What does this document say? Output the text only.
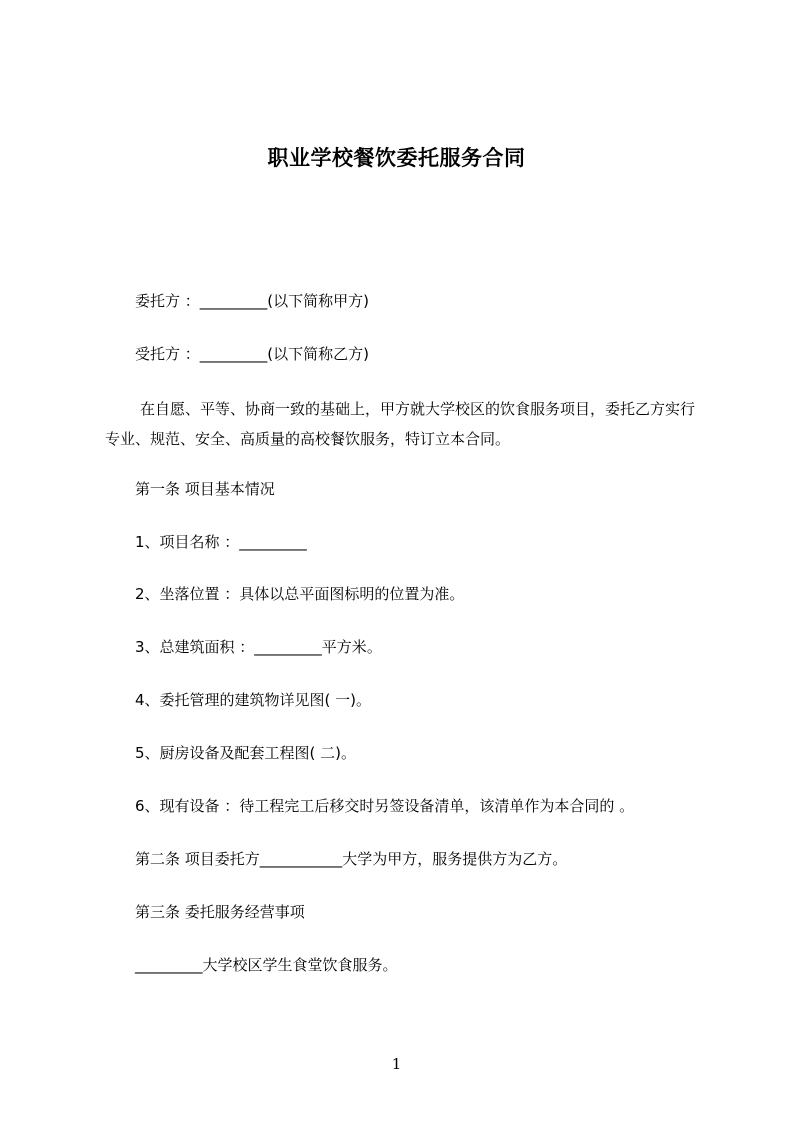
职业学校餐饮委托服务合同

委托方 ：_________(以下简称甲方)

受托方 ：_________(以下简称乙方)

在自愿、平等、协商一致的基础上，甲方就大学校区的饮食服务项目，委托乙方实行专业、规范、安全、高质量的高校餐饮服务，特订立本合同。

第一条 项目基本情况

1、项目名称 ：_________

2、坐落位置 ：具体以总平面图标明的位置为准。

3、总建筑面积 ：_________平方米。

4、委托管理的建筑物详见图( 一)。

5、厨房设备及配套工程图( 二)。

6、现有设备 ：待工程完工后移交时另签设备清单，该清单作为本合同的 。

第二条 项目委托方___________大学为甲方，服务提供方为乙方。

第三条 委托服务经营事项

_________大学校区学生食堂饮食服务。

1
